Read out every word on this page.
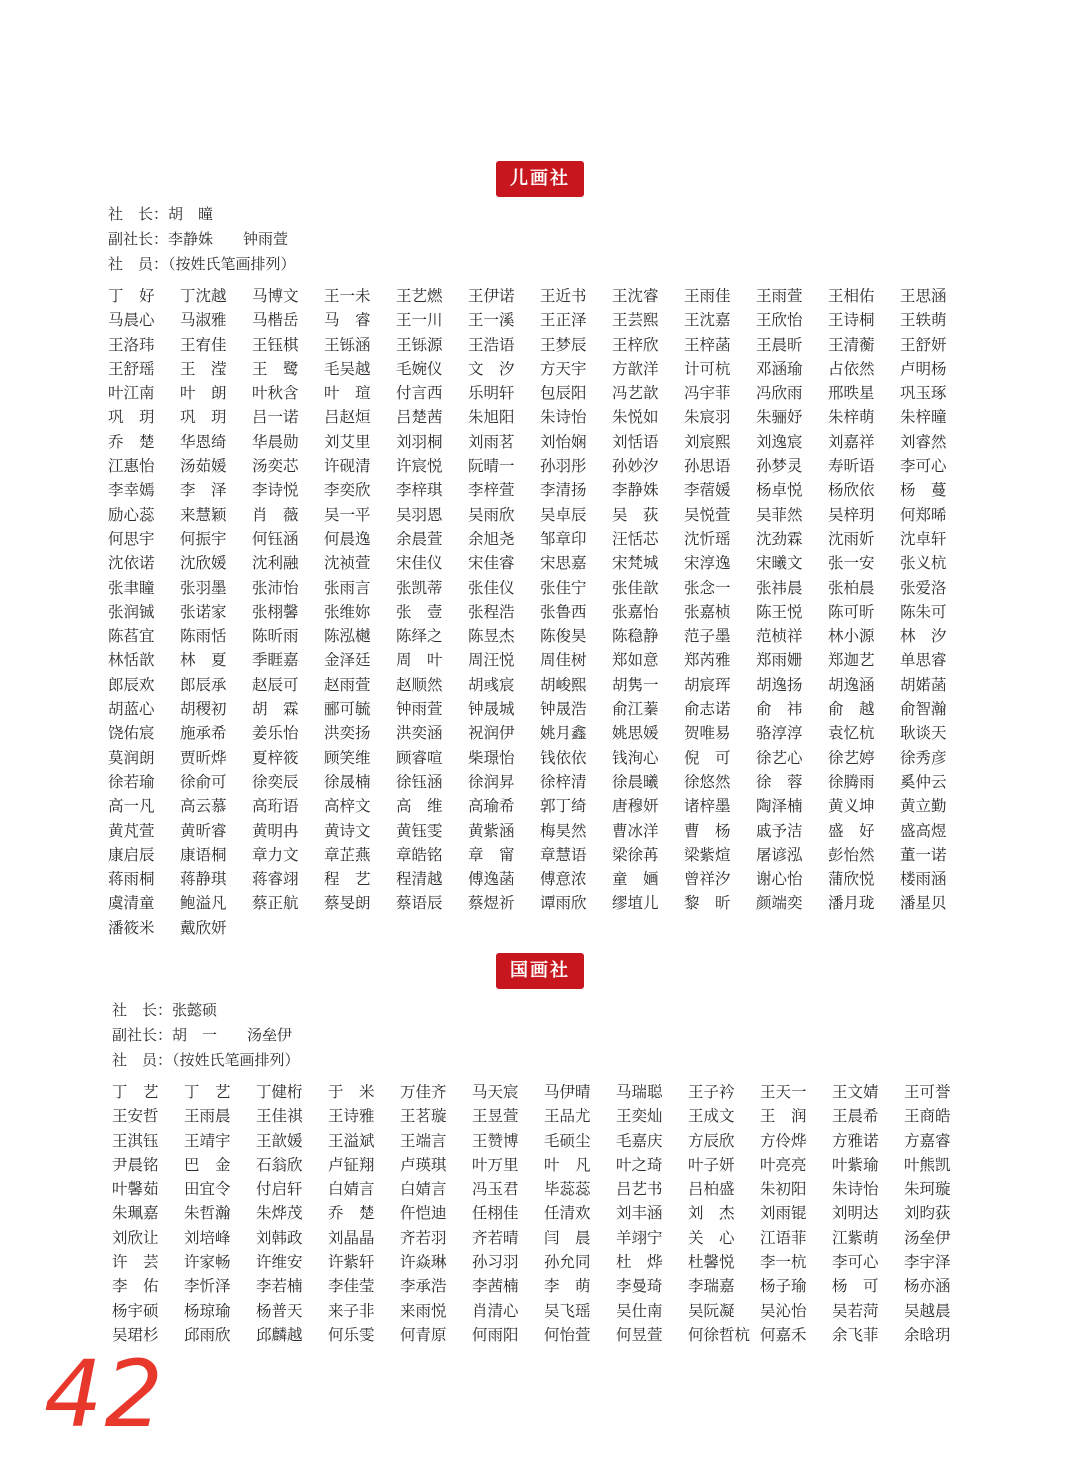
儿画社
社　长：胡　曈
副社长：李静姝　　钟雨萱
社　员：（按姓氏笔画排列）
丁　好	丁沈越	马博文	王一未	王艺燃	王伊诺	王近书	王沈睿	王雨佳	王雨萱	王相佑	王思涵
马晨心	马淑雅	马楷岳	马　睿	王一川	王一溪	王正泽	王芸熙	王沈嘉	王欣怡	王诗桐	王轶萌
王洛玮	王宥佳	王钰棋	王铄涵	王铄源	王浩语	王梦辰	王梓欣	王梓菡	王晨昕	王清蘅	王舒妍
王舒瑶	王　滢	王　鹭	毛吴越	毛婉仪	文　汐	方天宇	方歆洋	计可杭	邓涵瑜	占依然	卢明杨
叶江南	叶　朗	叶秋含	叶　瑄	付言西	乐明轩	包辰阳	冯艺歆	冯宇菲	冯欣雨	邢昳星	巩玉琢
巩　玥	巩　玥	吕一诺	吕赵烜	吕楚茜	朱旭阳	朱诗怡	朱悦如	朱宸羽	朱骊妤	朱梓萌	朱梓曈
乔　楚	华恩绮	华晨勋	刘艾里	刘羽桐	刘雨茗	刘怡娴	刘恬语	刘宸熙	刘逸宸	刘嘉祥	刘睿然
江惠怡	汤茹媛	汤奕芯	许砚清	许宸悦	阮晴一	孙羽彤	孙妙汐	孙思语	孙梦灵	寿昕语	李可心
李幸嫣	李　泽	李诗悦	李奕欣	李梓琪	李梓萱	李清扬	李静姝	李蓿媛	杨卓悦	杨欣依	杨　蔓
励心蕊	来慧颖	肖　薇	吴一平	吴羽恩	吴雨欣	吴卓辰	吴　荻	吴悦萱	吴菲然	吴梓玥	何郑晞
何思宇	何振宇	何钰涵	何晨逸	余晨萱	余旭尧	邹章印	汪恬芯	沈忻瑶	沈劲霖	沈雨妡	沈卓轩
沈依诺	沈欣媛	沈利融	沈祯萱	宋佳仪	宋佳睿	宋思嘉	宋梵城	宋淳逸	宋曦文	张一安	张义杭
张聿瞳	张羽墨	张沛怡	张雨言	张凯蒂	张佳仪	张佳宁	张佳歆	张念一	张祎晨	张柏晨	张爱洛
张润铖	张诺家	张栩馨	张维妳	张　壹	张程浩	张鲁西	张嘉怡	张嘉桢	陈王悦	陈可昕	陈朱可
陈萏宜	陈雨恬	陈昕雨	陈泓樾	陈绎之	陈昱杰	陈俊昊	陈稳静	范子墨	范桢祥	林小源	林　汐
林恬歆	林　夏	季睚嘉	金泽廷	周　叶	周汪悦	周佳树	郑如意	郑芮雅	郑雨姗	郑迦艺	单思睿
郎辰欢	郎辰承	赵辰可	赵雨萱	赵顺然	胡彧宸	胡峻熙	胡隽一	胡宸珲	胡逸扬	胡逸涵	胡婼菡
胡蓝心	胡稷初	胡　霖	郦可毓	钟雨萱	钟晟城	钟晟浩	俞江蓁	俞志诺	俞　祎	俞　越	俞智瀚
饶佑宸	施承希	姜乐怡	洪奕扬	洪奕涵	祝润伊	姚月鑫	姚思媛	贺唯易	骆淳淳	袁忆杭	耿谈天
莫润朗	贾昕烨	夏梓筱	顾笑维	顾睿喧	柴璟怡	钱依依	钱洵心	倪　可	徐艺心	徐艺婷	徐秀彦
徐若瑜	徐俞可	徐奕辰	徐晟楠	徐钰涵	徐润昇	徐梓清	徐晨曦	徐悠然	徐　蓉	徐腾雨	奚仲云
高一凡	高云慕	高珩语	高梓文	高　维	高瑜希	郭丁绮	唐穆妍	诸梓墨	陶泽楠	黄义坤	黄立勤
黄芃萱	黄昕睿	黄明冉	黄诗文	黄钰雯	黄紫涵	梅昊然	曹冰洋	曹　杨	戚予洁	盛　好	盛高煜
康启辰	康语桐	章力文	章芷燕	章皓铭	章　甯	章慧语	梁徐苒	梁紫煊	屠谚泓	彭怡然	董一诺
蒋雨桐	蒋静琪	蒋睿翊	程　艺	程清越	傅逸菡	傅意浓	童　婳	曾祥汐	谢心怡	蒲欣悦	楼雨涵
虞清童	鲍溢凡	蔡正航	蔡旻朗	蔡语辰	蔡煜祈	谭雨欣	缪埴儿	黎　昕	颜端奕	潘月珑	潘星贝
潘筱米	戴欣妍
国画社
社　长：张懿硕
副社长：胡　一　　汤垒伊
社　员：（按姓氏笔画排列）
丁　艺	丁　艺	丁健桁	于　米	万佳齐	马天宸	马伊晴	马瑞聪	王子衿	王天一	王文婧	王可誉
王安哲	王雨晨	王佳祺	王诗雅	王茗璇	王昱萱	王品尤	王奕灿	王成文	王　润	王晨希	王商皓
王淇钰	王靖宇	王歆媛	王溢斌	王端言	王赞博	毛硕尘	毛嘉庆	方辰欣	方伶烨	方雅诺	方嘉睿
尹晨铭	巴　金	石翁欣	卢钲翔	卢瑛琪	叶万里	叶　凡	叶之琦	叶子妍	叶亮亮	叶紫瑜	叶熊凯
叶馨茹	田宜令	付启轩	白婧言	白婧言	冯玉君	毕蕊蕊	吕艺书	吕柏盛	朱初阳	朱诗怡	朱珂璇
朱珮嘉	朱哲瀚	朱烨茂	乔　楚	仵恺迪	任栩佳	任清欢	刘丰涵	刘　杰	刘雨锟	刘明达	刘昀荻
刘欣让	刘培峰	刘韩政	刘晶晶	齐若羽	齐若晴	闫　晨	羊翊宁	关　心	江语菲	江紫萌	汤垒伊
许　芸	许家畅	许维安	许紫轩	许焱琳	孙习羽	孙允同	杜　烨	杜馨悦	李一杭	李可心	李宇泽
李　佑	李忻泽	李若楠	李佳莹	李承浩	李茜楠	李　萌	李曼琦	李瑞嘉	杨子瑜	杨　可	杨亦涵
杨宇硕	杨琼瑜	杨普天	来子非	来雨悦	肖清心	吴飞瑶	吴仕南	吴阮凝	吴沁怡	吴若菏	吴越晨
吴珺杉	邱雨欣	邱麟越	何乐雯	何青原	何雨阳	何怡萱	何昱萱	何徐哲杭 何嘉禾	余飞菲	余晗玥
42
